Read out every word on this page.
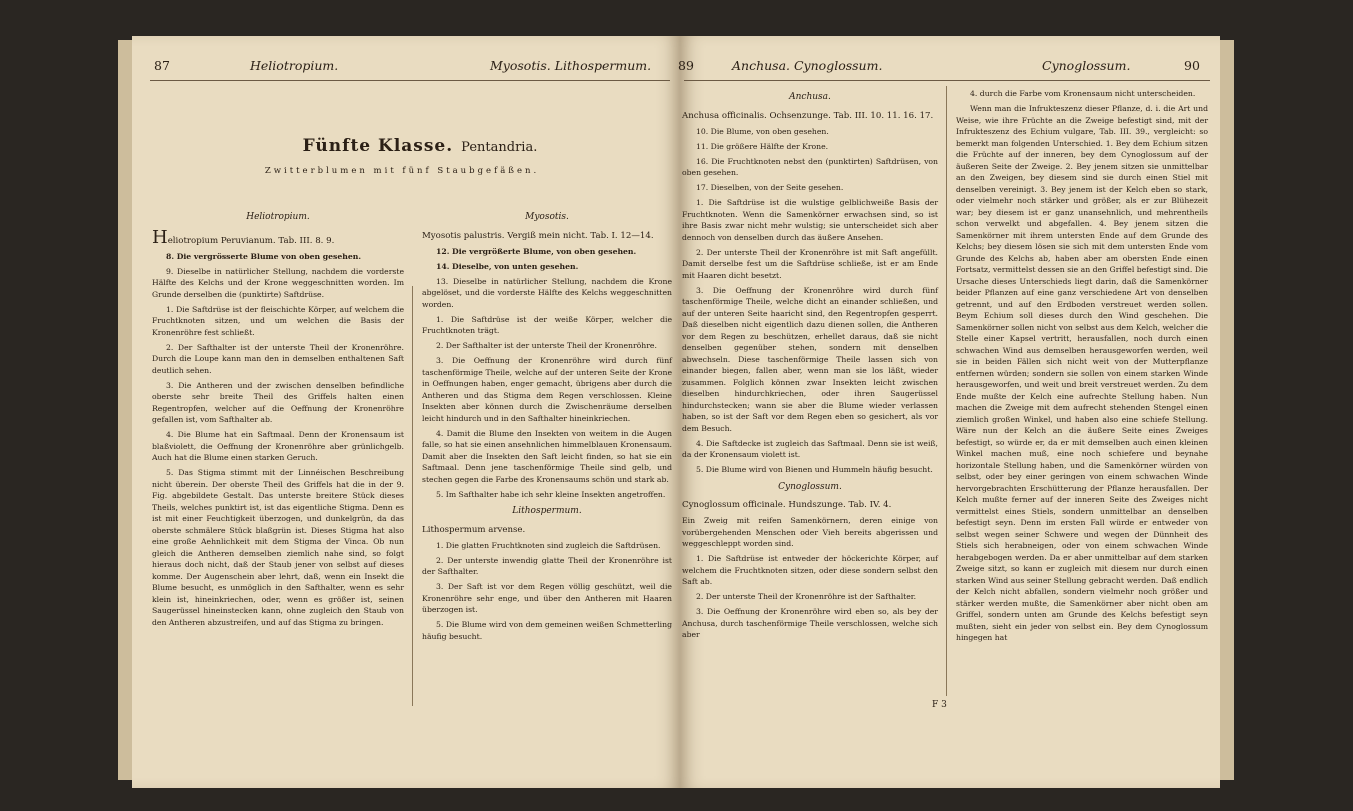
87	Heliotropium.	Myosotis. Lithospermum.
Fünfte Klasse. Pentandria.
Zwitterblumen mit fünf Staubgefäßen.

Heliotropium.

Heliotropium Peruvianum. Tab. III. 8. 9.

8. Die vergrösserte Blume von oben gesehen.

9. Dieselbe in natürlicher Stellung, nachdem die vorderste Hälfte des Kelchs und der Krone weggeschnitten worden. Im Grunde derselben die (punktirte) Saftdrüse.

1. Die Saftdrüse ist der fleischichte Körper, auf welchem die Fruchtknoten sitzen, und um welchen die Basis der Kronenröhre fest schließt.

2. Der Safthalter ist der unterste Theil der Kronenröhre. Durch die Loupe kann man den in demselben enthaltenen Saft deutlich sehen.

3. Die Antheren und der zwischen denselben befindliche oberste sehr breite Theil des Griffels halten einen Regentropfen, welcher auf die Oeffnung der Kronenröhre gefallen ist, vom Safthalter ab.

4. Die Blume hat ein Saftmaal. Denn der Kronensaum ist blaßviolett, die Oeffnung der Kronenröhre aber grünlichgelb. Auch hat die Blume einen starken Geruch.

5. Das Stigma stimmt mit der Linnéischen Beschreibung nicht überein. Der oberste Theil des Griffels hat die in der 9. Fig. abgebildete Gestalt. Das unterste breitere Stück dieses Theils, welches punktirt ist, ist das eigentliche Stigma. Denn es ist mit einer Feuchtigkeit überzogen, und dunkelgrün, da das oberste schmälere Stück blaßgrün ist. Dieses Stigma hat also eine große Aehnlichkeit mit dem Stigma der Vinca. Ob nun gleich die Antheren demselben ziemlich nahe sind, so folgt hieraus doch nicht, daß der Staub jener von selbst auf dieses komme. Der Augenschein aber lehrt, daß, wenn ein Insekt die Blume besucht, es unmöglich in den Safthalter, wenn es sehr klein ist, hineinkriechen, oder, wenn es größer ist, seinen Saugerüssel hineinstecken kann, ohne zugleich den Staub von den Antheren abzustreifen, und auf das Stigma zu bringen.

Myosotis.

Myosotis palustris. Vergiß mein nicht. Tab. I. 12—14.

12. Die vergrößerte Blume, von oben gesehen.

14. Dieselbe, von unten gesehen.

13. Dieselbe in natürlicher Stellung, nachdem die Krone abgelöset, und die vorderste Hälfte des Kelchs weggeschnitten worden.

1. Die Saftdrüse ist der weiße Körper, welcher die Fruchtknoten trägt.

2. Der Safthalter ist der unterste Theil der Kronenröhre.

3. Die Oeffnung der Kronenröhre wird durch fünf taschenförmige Theile, welche auf der unteren Seite der Krone in Oeffnungen haben, enger gemacht, übrigens aber durch die Antheren und das Stigma dem Regen verschlossen. Kleine Insekten aber können durch die Zwischenräume derselben leicht hindurch und in den Safthalter hineinkriechen.

4. Damit die Blume den Insekten von weitem in die Augen falle, so hat sie einen ansehnlichen himmelblauen Kronensaum. Damit aber die Insekten den Saft leicht finden, so hat sie ein Saftmaal. Denn jene taschenförmige Theile sind gelb, und stechen gegen die Farbe des Kronensaums schön und stark ab.

5. Im Safthalter habe ich sehr kleine Insekten angetroffen.

Lithospermum.

Lithospermum arvense.

1. Die glatten Fruchtknoten sind zugleich die Saftdrüsen.

2. Der unterste inwendig glatte Theil der Kronenröhre ist der Safthalter.

3. Der Saft ist vor dem Regen völlig geschützt, weil die Kronenröhre sehr enge, und über den Antheren mit Haaren überzogen ist.

5. Die Blume wird von dem gemeinen weißen Schmetterling häufig besucht.

89	Anchusa. Cynoglossum.	Cynoglossum.	90

Anchusa.

Anchusa officinalis. Ochsenzunge. Tab. III. 10. 11. 16. 17.

10. Die Blume, von oben gesehen.

11. Die größere Hälfte der Krone.

16. Die Fruchtknoten nebst den (punktirten) Saftdrüsen, von oben gesehen.

17. Dieselben, von der Seite gesehen.

1. Die Saftdrüse ist die wulstige gelblichweiße Basis der Fruchtknoten. Wenn die Samenkörner erwachsen sind, so ist ihre Basis zwar nicht mehr wulstig; sie unterscheidet sich aber dennoch von denselben durch das äußere Ansehen.

2. Der unterste Theil der Kronenröhre ist mit Saft angefüllt. Damit derselbe fest um die Saftdrüse schließe, ist er am Ende mit Haaren dicht besetzt.

3. Die Oeffnung der Kronenröhre wird durch fünf taschenförmige Theile, welche dicht an einander schließen, und auf der unteren Seite haaricht sind, den Regentropfen gesperrt. Daß dieselben nicht eigentlich dazu dienen sollen, die Antheren vor dem Regen zu beschützen, erhellet daraus, daß sie nicht denselben gegenüber stehen, sondern mit denselben abwechseln. Diese taschenförmige Theile lassen sich von einander biegen, fallen aber, wenn man sie los läßt, wieder zusammen. Folglich können zwar Insekten leicht zwischen dieselben hindurchkriechen, oder ihren Saugerüssel hindurchstecken; wann sie aber die Blume wieder verlassen haben, so ist der Saft vor dem Regen eben so gesichert, als vor dem Besuch.

4. Die Saftdecke ist zugleich das Saftmaal. Denn sie ist weiß, da der Kronensaum violett ist.

5. Die Blume wird von Bienen und Hummeln häufig besucht.

Cynoglossum.

Cynoglossum officinale. Hundszunge. Tab. IV. 4.

Ein Zweig mit reifen Samenkörnern, deren einige von vorübergehenden Menschen oder Vieh bereits abgerissen und weggeschleppt worden sind.

1. Die Saftdrüse ist entweder der höckerichte Körper, auf welchem die Fruchtknoten sitzen, oder diese sondern selbst den Saft ab.

2. Der unterste Theil der Kronenröhre ist der Safthalter.

3. Die Oeffnung der Kronenröhre wird eben so, als bey der Anchusa, durch taschenförmige Theile verschlossen, welche sich aber

4. durch die Farbe vom Kronensaum nicht unterscheiden.

Wenn man die Infrukteszenz dieser Pflanze, d. i. die Art und Weise, wie ihre Früchte an die Zweige befestigt sind, mit der Infrukteszenz des Echium vulgare, Tab. III. 39., vergleicht: so bemerkt man folgenden Unterschied. 1. Bey dem Echium sitzen die Früchte auf der inneren, bey dem Cynoglossum auf der äußeren Seite der Zweige. 2. Bey jenem sitzen sie unmittelbar an den Zweigen, bey diesem sind sie durch einen Stiel mit denselben vereinigt. 3. Bey jenem ist der Kelch eben so stark, oder vielmehr noch stärker und größer, als er zur Blühezeit war; bey diesem ist er ganz unansehnlich, und mehrentheils schon verwelkt und abgefallen. 4. Bey jenem sitzen die Samenkörner mit ihrem untersten Ende auf dem Grunde des Kelchs; bey diesem lösen sie sich mit dem untersten Ende vom Grunde des Kelchs ab, haben aber am obersten Ende einen Fortsatz, vermittelst dessen sie an den Griffel befestigt sind. Die Ursache dieses Unterschieds liegt darin, daß die Samenkörner beider Pflanzen auf eine ganz verschiedene Art von denselben getrennt, und auf den Erdboden verstreuet werden sollen. Beym Echium soll dieses durch den Wind geschehen. Die Samenkörner sollen nicht von selbst aus dem Kelch, welcher die Stelle einer Kapsel vertritt, herausfallen, noch durch einen schwachen Wind aus demselben herausgeworfen werden, weil sie in beiden Fällen sich nicht weit von der Mutterpflanze entfernen würden; sondern sie sollen von einem starken Winde herausgeworfen, und weit und breit verstreuet werden. Zu dem Ende mußte der Kelch eine aufrechte Stellung haben. Nun machen die Zweige mit dem aufrecht stehenden Stengel einen ziemlich großen Winkel, und haben also eine schiefe Stellung. Wäre nun der Kelch an die äußere Seite eines Zweiges befestigt, so würde er, da er mit demselben auch einen kleinen Winkel machen muß, eine noch schiefere und beynahe horizontale Stellung haben, und die Samenkörner würden von selbst, oder bey einer geringen von einem schwachen Winde hervorgebrachten Erschütterung der Pflanze herausfallen. Der Kelch mußte ferner auf der inneren Seite des Zweiges nicht vermittelst eines Stiels, sondern unmittelbar an denselben befestigt seyn. Denn im ersten Fall würde er entweder von selbst wegen seiner Schwere und wegen der Dünnheit des Stiels sich herabneigen, oder von einem schwachen Winde herabgebogen werden. Da er aber unmittelbar auf dem starken Zweige sitzt, so kann er zugleich mit diesem nur durch einen starken Wind aus seiner Stellung gebracht werden. Daß endlich der Kelch nicht abfallen, sondern vielmehr noch größer und stärker werden mußte, die Samenkörner aber nicht oben am Griffel, sondern unten am Grunde des Kelchs befestigt seyn mußten, sieht ein jeder von selbst ein. Bey dem Cynoglossum hingegen hat

F 3
